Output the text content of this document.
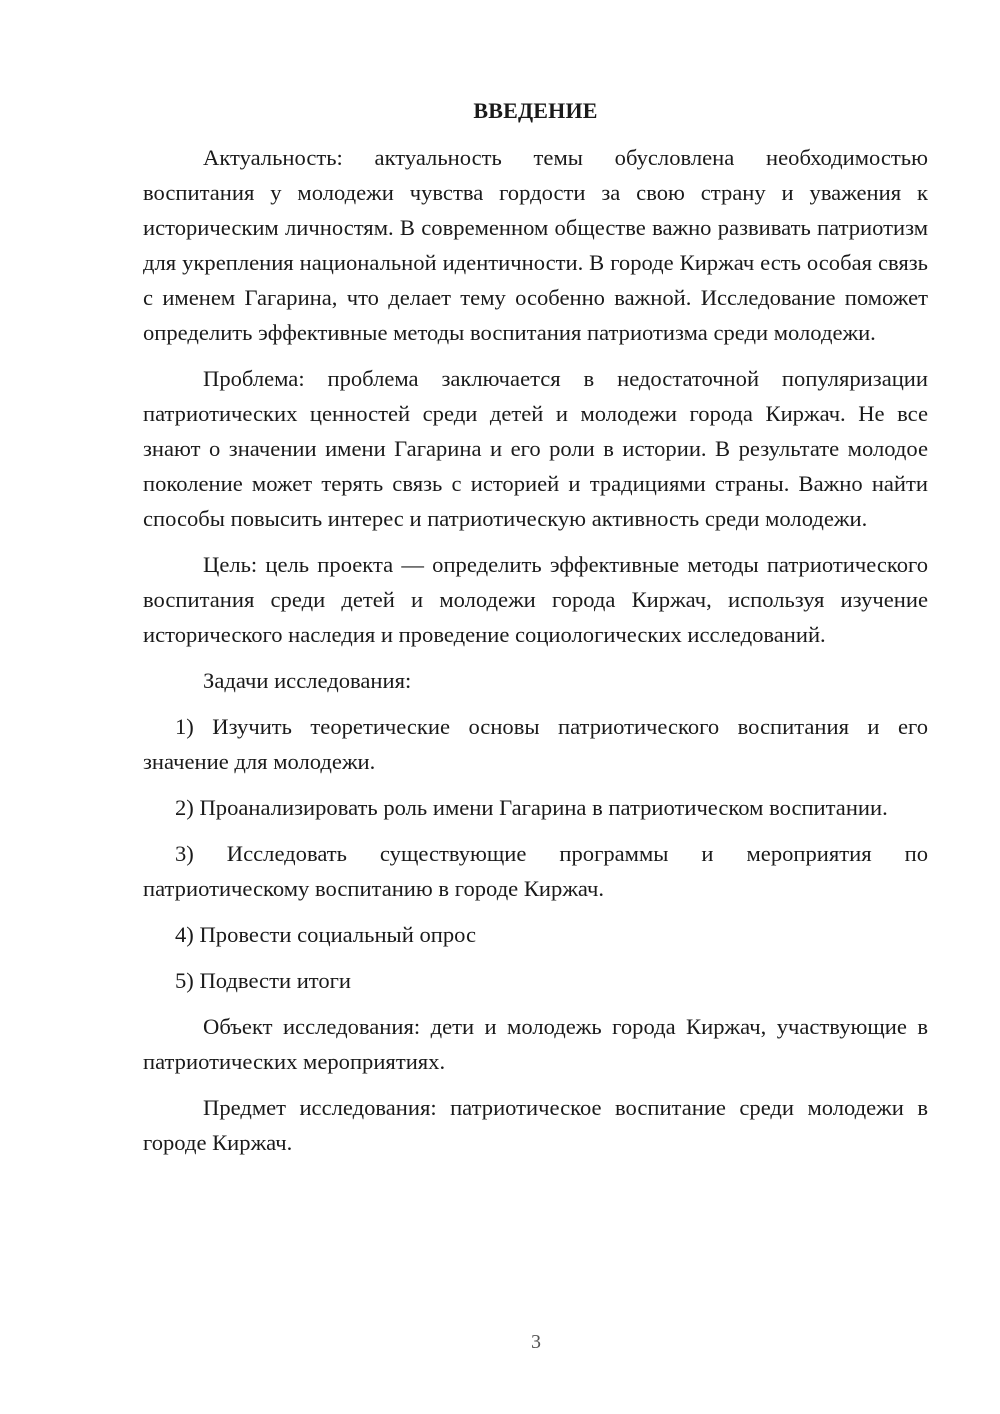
ВВЕДЕНИЕ

Актуальность: актуальность темы обусловлена необходимостью воспитания у молодежи чувства гордости за свою страну и уважения к историческим личностям. В современном обществе важно развивать патриотизм для укрепления национальной идентичности. В городе Киржач есть особая связь с именем Гагарина, что делает тему особенно важной. Исследование поможет определить эффективные методы воспитания патриотизма среди молодежи.

Проблема: проблема заключается в недостаточной популяризации патриотических ценностей среди детей и молодежи города Киржач. Не все знают о значении имени Гагарина и его роли в истории. В результате молодое поколение может терять связь с историей и традициями страны. Важно найти способы повысить интерес и патриотическую активность среди молодежи.

Цель: цель проекта — определить эффективные методы патриотического воспитания среди детей и молодежи города Киржач, используя изучение исторического наследия и проведение социологических исследований.

Задачи исследования:

1) Изучить теоретические основы патриотического воспитания и его значение для молодежи.

2) Проанализировать роль имени Гагарина в патриотическом воспитании.

3) Исследовать существующие программы и мероприятия по патриотическому воспитанию в городе Киржач.

4) Провести социальный опрос

5) Подвести итоги

Объект исследования: дети и молодежь города Киржач, участвующие в патриотических мероприятиях.

Предмет исследования: патриотическое воспитание среди молодежи в городе Киржач.

3
